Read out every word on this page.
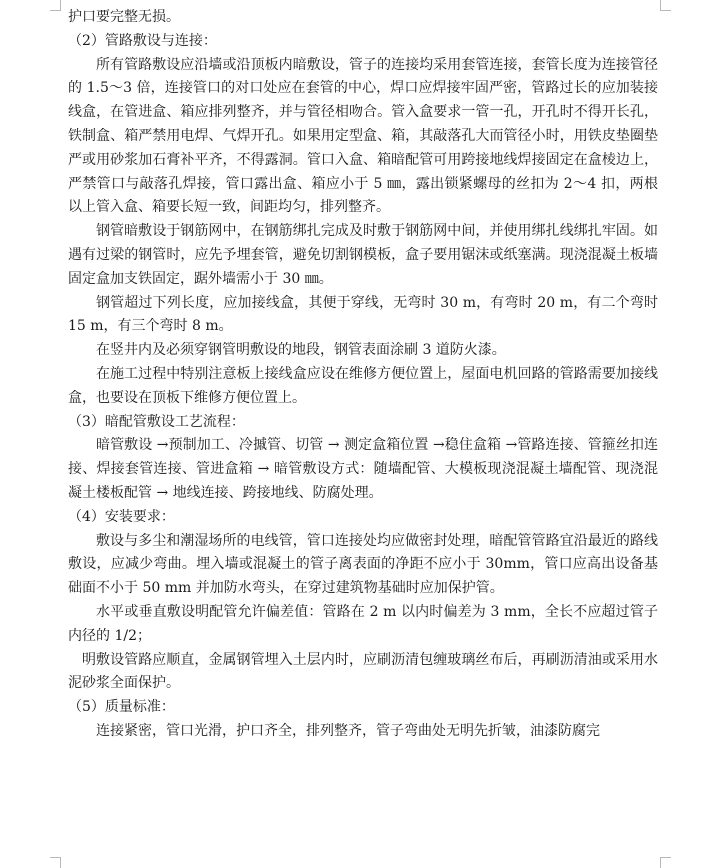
护口要完整无损。

（2）管路敷设与连接：

所有管路敷设应沿墙或沿顶板内暗敷设，管子的连接均采用套管连接，套管长度为连接管径的 1.5～3 倍，连接管口的对口处应在套管的中心，焊口应焊接牢固严密，管路过长的应加装接线盒，在管进盒、箱应排列整齐，并与管径相吻合。管入盒要求一管一孔，开孔时不得开长孔，铁制盒、箱严禁用电焊、气焊开孔。如果用定型盒、箱，其敲落孔大而管径小时，用铁皮垫圈垫严或用砂浆加石膏补平齐，不得露洞。管口入盒、箱暗配管可用跨接地线焊接固定在盒棱边上，严禁管口与敲落孔焊接，管口露出盒、箱应小于 5 ㎜，露出锁紧螺母的丝扣为 2～4 扣，两根以上管入盒、箱要长短一致，间距均匀，排列整齐。

钢管暗敷设于钢筋网中，在钢筋绑扎完成及时敷于钢筋网中间，并使用绑扎线绑扎牢固。如遇有过梁的钢管时，应先予埋套管，避免切割钢模板，盒子要用锯沫或纸塞满。现浇混凝土板墙固定盒加支铁固定，踞外墙需小于 30 ㎜。

钢管超过下列长度，应加接线盒，其便于穿线，无弯时 30 m，有弯时 20 m，有二个弯时 15 m，有三个弯时 8 m。

在竖井内及必须穿钢管明敷设的地段，钢管表面涂刷 3 道防火漆。

在施工过程中特别注意板上接线盒应设在维修方便位置上，屋面电机回路的管路需要加接线盒，也要设在顶板下维修方便位置上。

（3）暗配管敷设工艺流程：

暗管敷设 →预制加工、冷摵管、切管 → 测定盒箱位置 →稳住盒箱 →管路连接、管箍丝扣连接、焊接套管连接、管进盒箱 → 暗管敷设方式：随墙配管、大模板现浇混凝土墙配管、现浇混凝土楼板配管 → 地线连接、跨接地线、防腐处理。

（4）安装要求：

敷设与多尘和潮湿场所的电线管，管口连接处均应做密封处理，暗配管管路宜沿最近的路线敷设，应减少弯曲。埋入墙或混凝土的管子离表面的净距不应小于 30mm，管口应高出设备基础面不小于 50 mm 并加防水弯头，在穿过建筑物基础时应加保护管。

水平或垂直敷设明配管允许偏差值：管路在 2 m 以内时偏差为 3 mm，全长不应超过管子内径的 1/2；

明敷设管路应顺直，金属钢管埋入土层内时，应刷沥清包缠玻璃丝布后，再刷沥清油或采用水泥砂浆全面保护。

（5）质量标准：

连接紧密，管口光滑，护口齐全，排列整齐，管子弯曲处无明先折皱，油漆防腐完
